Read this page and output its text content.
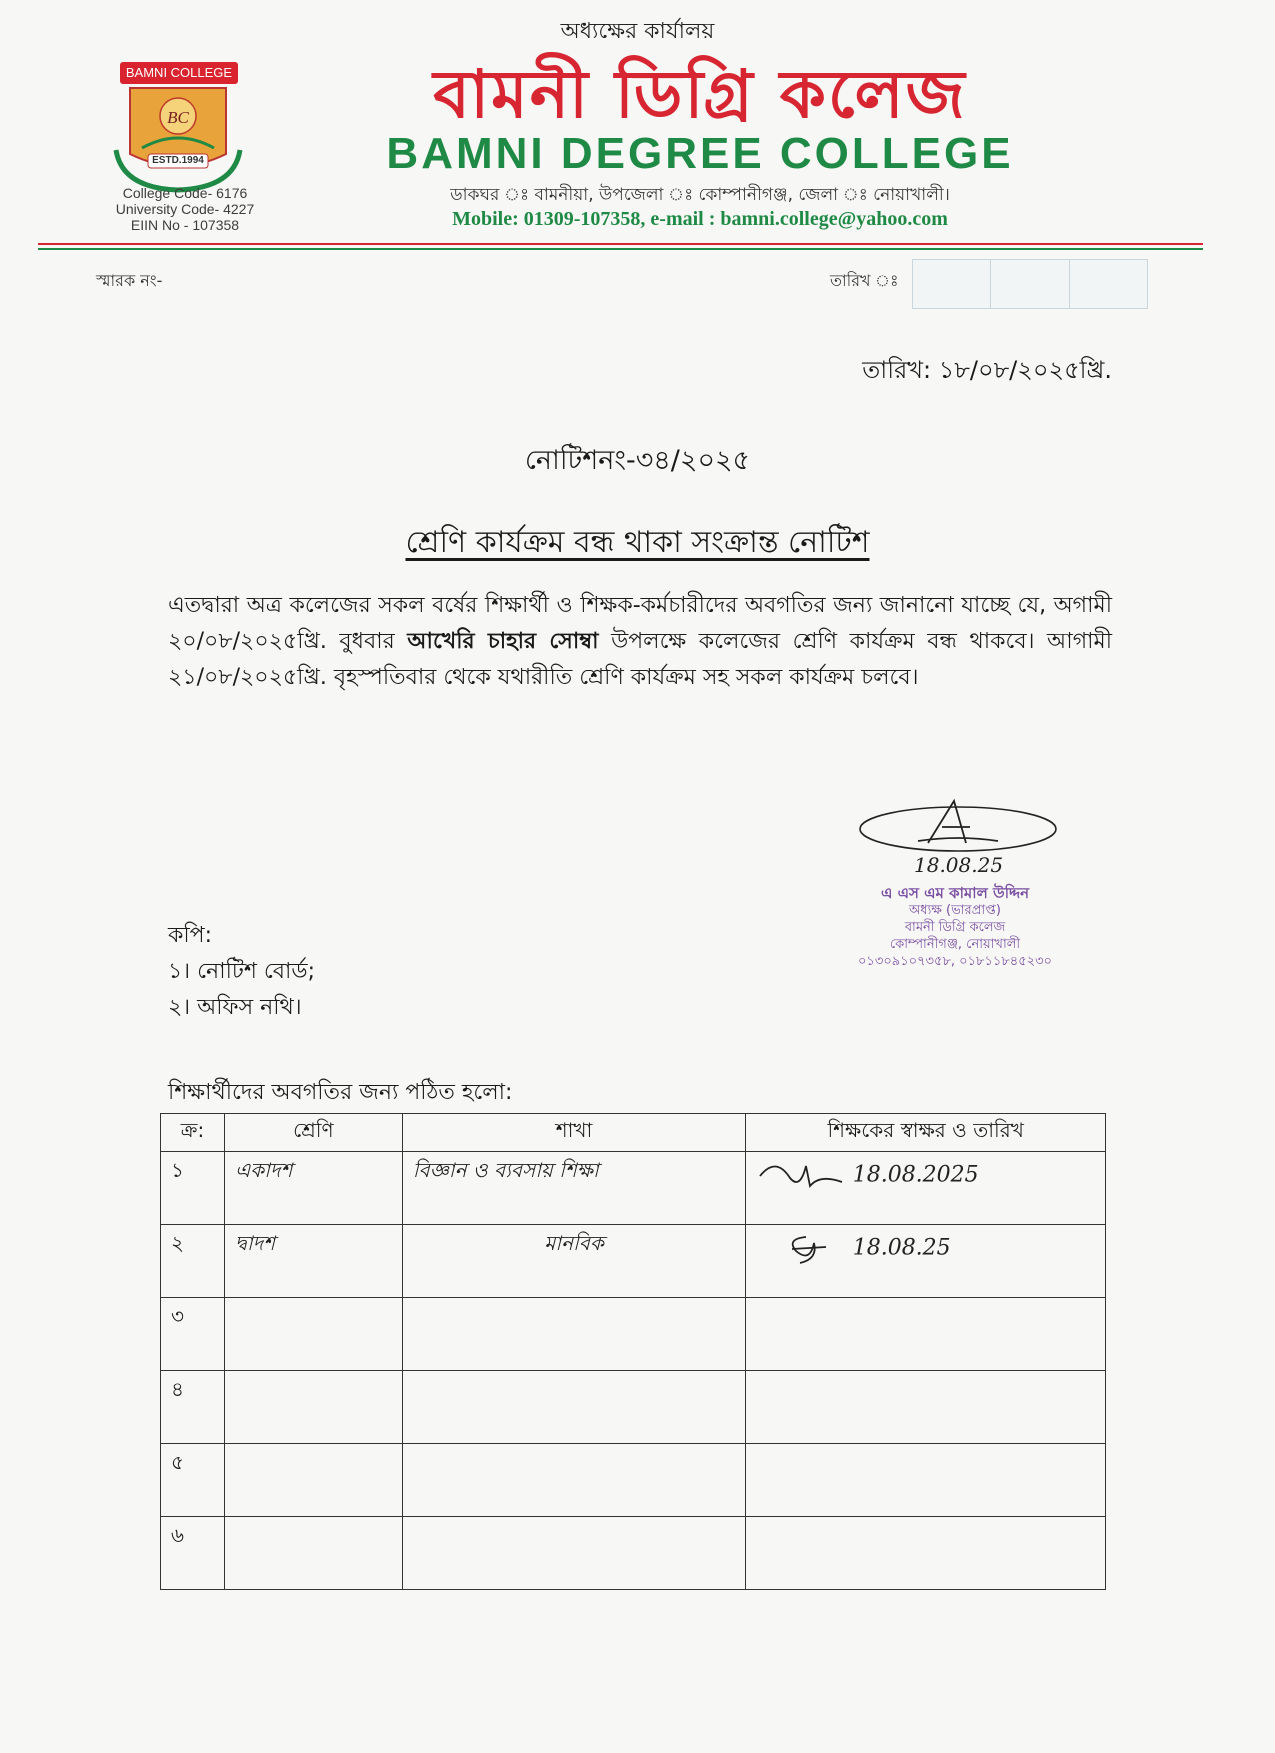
অধ্যক্ষের কার্যালয়
BAMNI COLLEGE
BC
ESTD.1994
College Code- 6176
University Code- 4227
EIIN No - 107358
বামনী ডিগ্রি কলেজ
BAMNI DEGREE COLLEGE
ডাকঘর ঃ বামনীয়া, উপজেলা ঃ কোম্পানীগঞ্জ, জেলা ঃ নোয়াখালী।
Mobile: 01309-107358, e-mail : bamni.college@yahoo.com
স্মারক নং-	তারিখ ঃ
তারিখ: ১৮/০৮/২০২৫খ্রি.
নোটিশনং-৩৪/২০২৫
শ্রেণি কার্যক্রম বন্ধ থাকা সংক্রান্ত নোটিশ
এতদ্বারা অত্র কলেজের সকল বর্ষের শিক্ষার্থী ও শিক্ষক-কর্মচারীদের অবগতির জন্য জানানো যাচ্ছে যে, অগামী ২০/০৮/২০২৫খ্রি. বুধবার আখেরি চাহার সোম্বা উপলক্ষে কলেজের শ্রেণি কার্যক্রম বন্ধ থাকবে। আগামী ২১/০৮/২০২৫খ্রি. বৃহস্পতিবার থেকে যথারীতি শ্রেণি কার্যক্রম সহ সকল কার্যক্রম চলবে।
18.08.25
এ এস এম কামাল উদ্দিন
অধ্যক্ষ (ভারপ্রাপ্ত)
বামনী ডিগ্রি কলেজ
কোম্পানীগঞ্জ, নোয়াখালী
০১৩০৯১০৭৩৫৮, ০১৮১১৮৪৫২৩০
কপি:
১। নোটিশ বোর্ড;
২। অফিস নথি।
শিক্ষার্থীদের অবগতির জন্য পঠিত হলো:
ক্র:	শ্রেণি	শাখা	শিক্ষকের স্বাক্ষর ও তারিখ
১	একাদশ	বিজ্ঞান ও ব্যবসায় শিক্ষা	18.08.2025
২	দ্বাদশ	মানবিক	18.08.25
৩			
৪			
৫			
৬			
